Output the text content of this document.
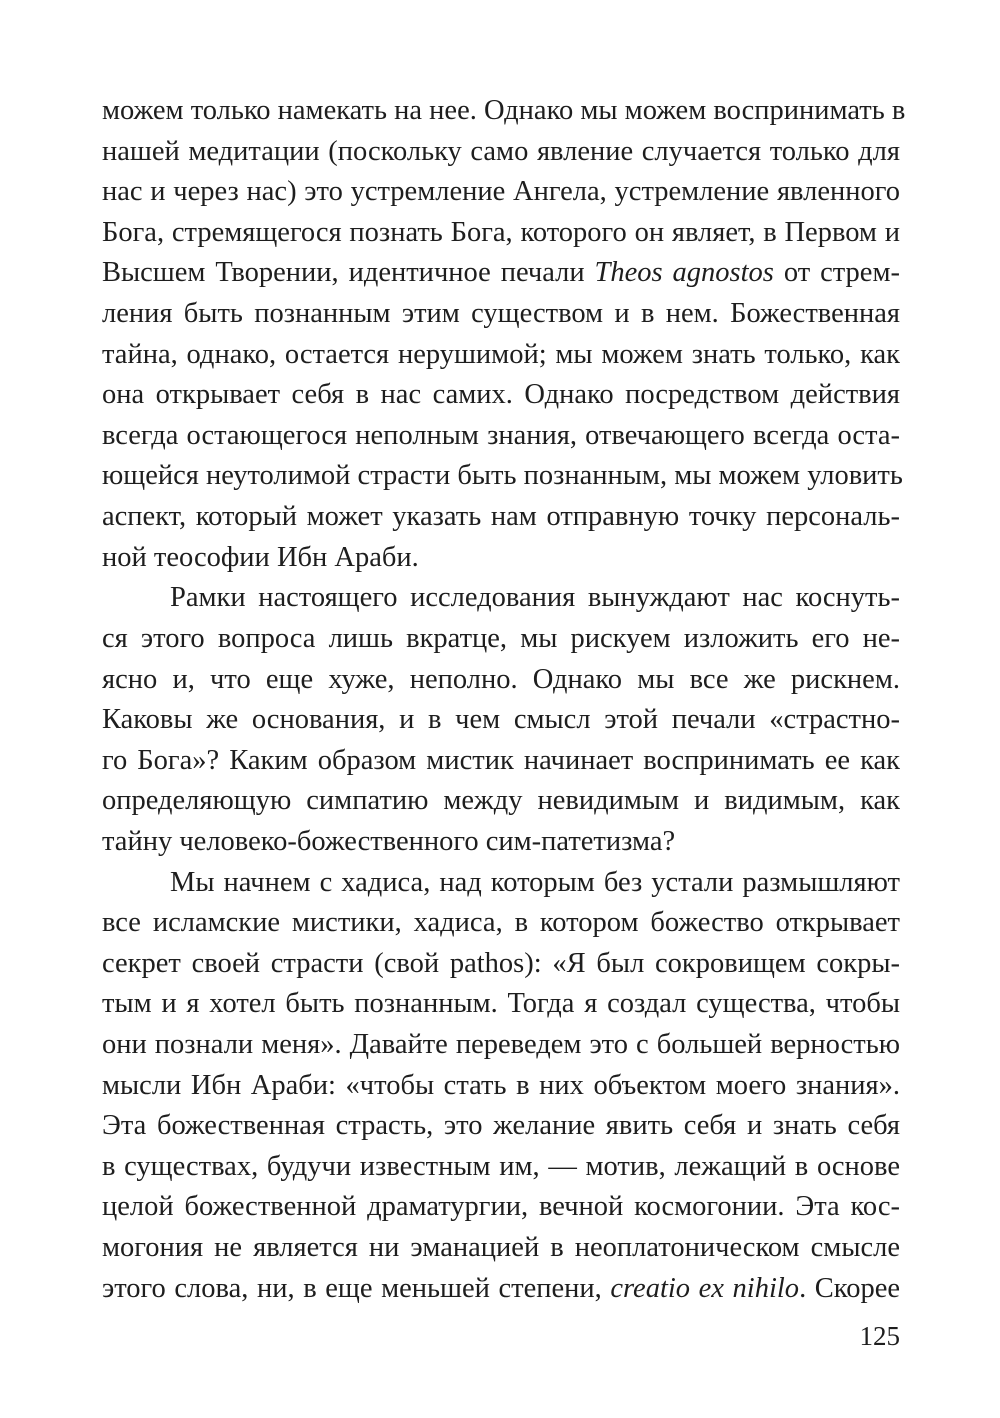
можем только намекать на нее. Однако мы можем воспринимать в
нашей медитации (поскольку само явление случается только для
нас и через нас) это устремление Ангела, устремление явленного
Бога, стремящегося познать Бога, которого он являет, в Первом и
Высшем Творении, идентичное печали Theos agnostos от стрем-
ления быть познанным этим существом и в нем. Божественная
тайна, однако, остается нерушимой; мы можем знать только, как
она открывает себя в нас самих. Однако посредством действия
всегда остающегося неполным знания, отвечающего всегда оста-
ющейся неутолимой страсти быть познанным, мы можем уловить
аспект, который может указать нам отправную точку персональ-
ной теософии Ибн Араби.
Рамки настоящего исследования вынуждают нас коснуть-
ся этого вопроса лишь вкратце, мы рискуем изложить его не-
ясно и, что еще хуже, неполно. Однако мы все же рискнем.
Каковы же основания, и в чем смысл этой печали «страстно-
го Бога»? Каким образом мистик начинает воспринимать ее как
определяющую симпатию между невидимым и видимым, как
тайну человеко-божественного сим-патетизма?
Мы начнем с хадиса, над которым без устали размышляют
все исламские мистики, хадиса, в котором божество открывает
секрет своей страсти (свой pathos): «Я был сокровищем сокры-
тым и я хотел быть познанным. Тогда я создал существа, чтобы
они познали меня». Давайте переведем это с большей верностью
мысли Ибн Араби: «чтобы стать в них объектом моего знания».
Эта божественная страсть, это желание явить себя и знать себя
в существах, будучи известным им, — мотив, лежащий в основе
целой божественной драматургии, вечной космогонии. Эта кос-
могония не является ни эманацией в неоплатоническом смысле
этого слова, ни, в еще меньшей степени, creatio ex nihilo. Скорее
125
